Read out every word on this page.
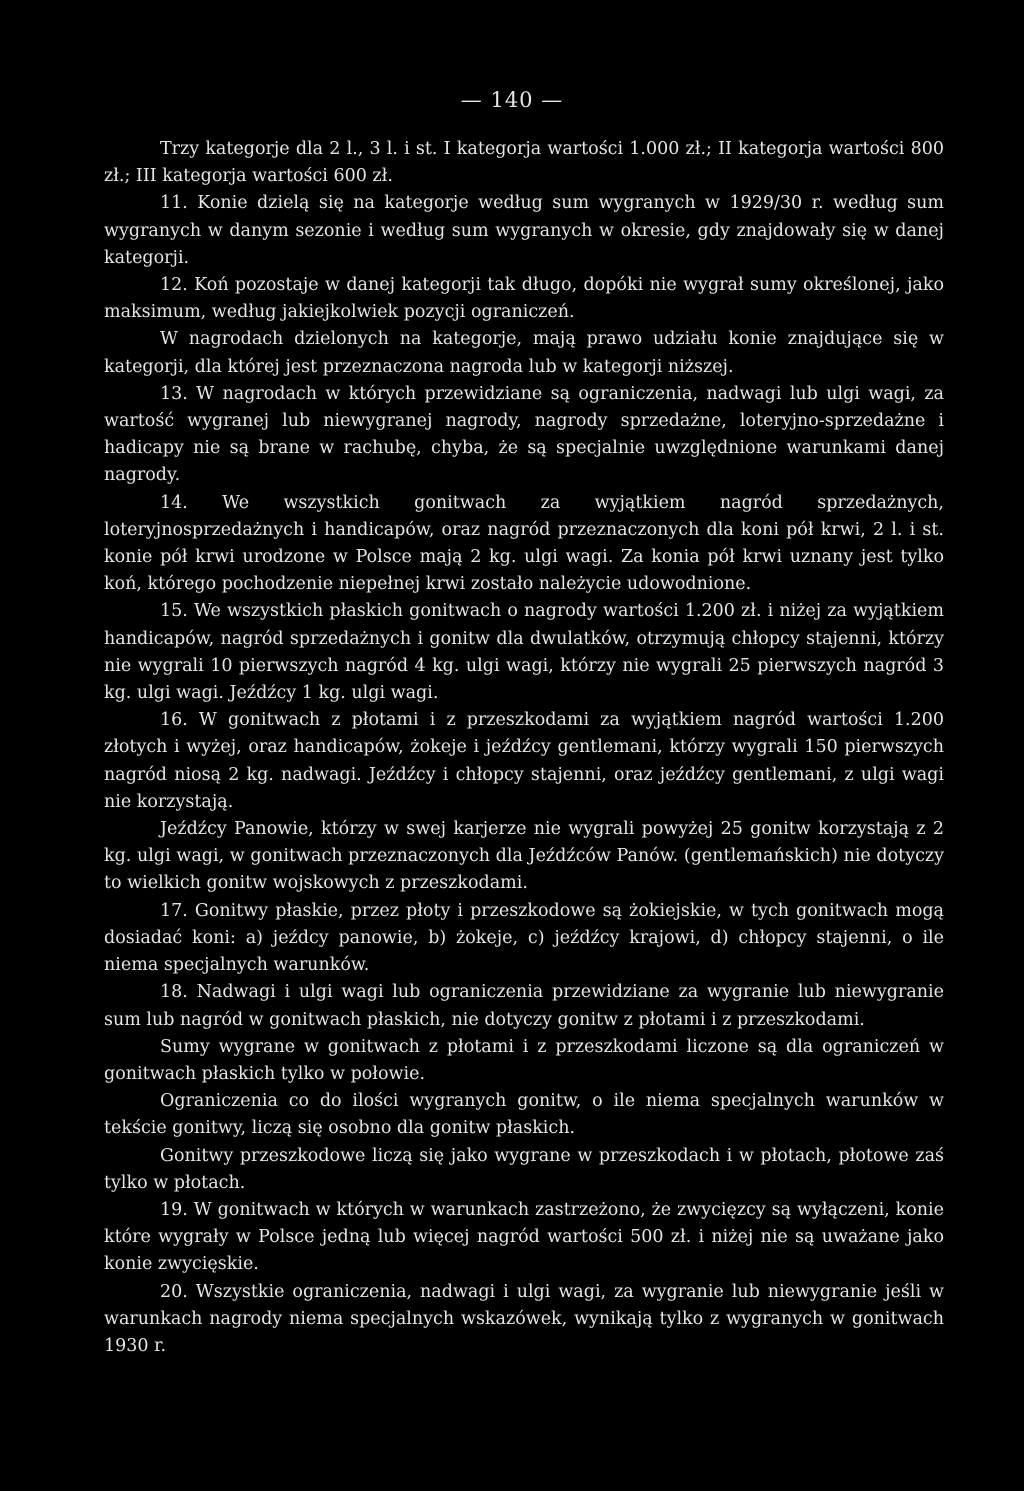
— 140 —

Trzy kategorje dla 2 l., 3 l. i st. I kategorja wartości 1.000 zł.; II kategorja wartości 800 zł.; III kategorja wartości 600 zł.

11. Konie dzielą się na kategorje według sum wygranych w 1929/30 r. według sum wygranych w danym sezonie i według sum wygranych w okresie, gdy znajdowały się w danej kategorji.

12. Koń pozostaje w danej kategorji tak długo, dopóki nie wygrał sumy określonej, jako maksimum, według jakiejkolwiek pozycji ograniczeń.

W nagrodach dzielonych na kategorje, mają prawo udziału konie znajdujące się w kategorji, dla której jest przeznaczona nagroda lub w kategorji niższej.

13. W nagrodach w których przewidziane są ograniczenia, nadwagi lub ulgi wagi, za wartość wygranej lub niewygranej nagrody, nagrody sprzedażne, loteryjno-sprzedażne i hadicapy nie są brane w rachubę, chyba, że są specjalnie uwzględnione warunkami danej nagrody.

14. We wszystkich gonitwach za wyjątkiem nagród sprzedażnych, loteryjnosprzedażnych i handicapów, oraz nagród przeznaczonych dla koni pół krwi, 2 l. i st. konie pół krwi urodzone w Polsce mają 2 kg. ulgi wagi. Za konia pół krwi uznany jest tylko koń, którego pochodzenie niepełnej krwi zostało należycie udowodnione.

15. We wszystkich płaskich gonitwach o nagrody wartości 1.200 zł. i niżej za wyjątkiem handicapów, nagród sprzedażnych i gonitw dla dwulatków, otrzymują chłopcy stajenni, którzy nie wygrali 10 pierwszych nagród 4 kg. ulgi wagi, którzy nie wygrali 25 pierwszych nagród 3 kg. ulgi wagi. Jeźdźcy 1 kg. ulgi wagi.

16. W gonitwach z płotami i z przeszkodami za wyjątkiem nagród wartości 1.200 złotych i wyżej, oraz handicapów, żokeje i jeźdźcy gentlemani, którzy wygrali 150 pierwszych nagród niosą 2 kg. nadwagi. Jeźdźcy i chłopcy stajenni, oraz jeźdźcy gentlemani, z ulgi wagi nie korzystają.

Jeźdźcy Panowie, którzy w swej karjerze nie wygrali powyżej 25 gonitw korzystają z 2 kg. ulgi wagi, w gonitwach przeznaczonych dla Jeźdźców Panów. (gentlemańskich) nie dotyczy to wielkich gonitw wojskowych z przeszkodami.

17. Gonitwy płaskie, przez płoty i przeszkodowe są żokiejskie, w tych gonitwach mogą dosiadać koni: a) jeźdcy panowie, b) żokeje, c) jeźdźcy krajowi, d) chłopcy stajenni, o ile niema specjalnych warunków.

18. Nadwagi i ulgi wagi lub ograniczenia przewidziane za wygranie lub niewygranie sum lub nagród w gonitwach płaskich, nie dotyczy gonitw z płotami i z przeszkodami.

Sumy wygrane w gonitwach z płotami i z przeszkodami liczone są dla ograniczeń w gonitwach płaskich tylko w połowie.

Ograniczenia co do ilości wygranych gonitw, o ile niema specjalnych warunków w tekście gonitwy, liczą się osobno dla gonitw płaskich.

Gonitwy przeszkodowe liczą się jako wygrane w przeszkodach i w płotach, płotowe zaś tylko w płotach.

19. W gonitwach w których w warunkach zastrzeżono, że zwycięzcy są wyłączeni, konie które wygrały w Polsce jedną lub więcej nagród wartości 500 zł. i niżej nie są uważane jako konie zwycięskie.

20. Wszystkie ograniczenia, nadwagi i ulgi wagi, za wygranie lub niewygranie jeśli w warunkach nagrody niema specjalnych wskazówek, wynikają tylko z wygranych w gonitwach 1930 r.
